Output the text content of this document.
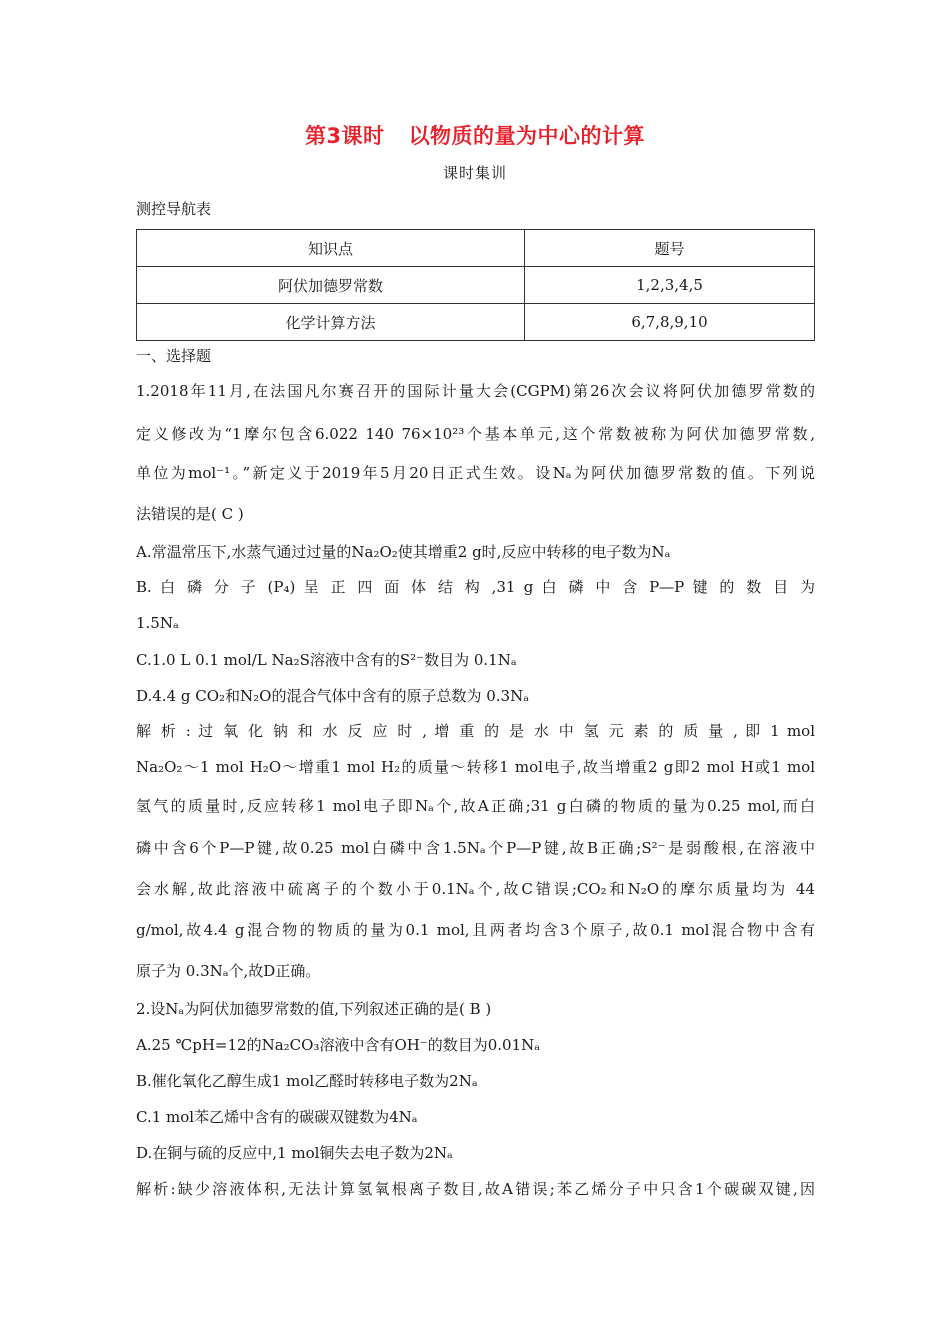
第3课时 以物质的量为中心的计算
课时集训
测控导航表
知识点	题号
阿伏加德罗常数	1,2,3,4,5
化学计算方法	6,7,8,9,10
一、选择题
1.2018年11月,在法国凡尔赛召开的国际计量大会(CGPM)第26次会议将阿伏加德罗常数的
定义修改为“1摩尔包含6.022 140 76×10²³个基本单元,这个常数被称为阿伏加德罗常数,
单位为mol⁻¹。”新定义于2019年5月20日正式生效。设Nₐ为阿伏加德罗常数的值。下列说
法错误的是( C )
A.常温常压下,水蒸气通过过量的Na₂O₂使其增重2 g时,反应中转移的电子数为Nₐ
B. 白 磷 分 子 (P₄) 呈 正 四 面 体 结 构 ,31 g 白 磷 中 含 P—P 键 的 数 目 为
1.5Nₐ
C.1.0 L 0.1 mol/L Na₂S溶液中含有的S²⁻数目为 0.1Nₐ
D.4.4 g CO₂和N₂O的混合气体中含有的原子总数为 0.3Nₐ
解 析 : 过 氧 化 钠 和 水 反 应 时 , 增 重 的 是 水 中 氢 元 素 的 质 量 , 即 1 mol
Na₂O₂～1 mol H₂O～增重1 mol H₂的质量～转移1 mol电子,故当增重2 g即2 mol H或1 mol
氢气的质量时,反应转移1 mol电子即Nₐ个,故A正确;31 g白磷的物质的量为0.25 mol,而白
磷中含6个P—P键,故0.25 mol白磷中含1.5Nₐ个P—P键,故B正确;S²⁻是弱酸根,在溶液中
会水解,故此溶液中硫离子的个数小于0.1Nₐ个,故C错误;CO₂和N₂O的摩尔质量均为 44
g/mol,故4.4 g混合物的物质的量为0.1 mol,且两者均含3个原子,故0.1 mol混合物中含有
原子为 0.3Nₐ个,故D正确。
2.设Nₐ为阿伏加德罗常数的值,下列叙述正确的是( B )
A.25 ℃pH=12的Na₂CO₃溶液中含有OH⁻的数目为0.01Nₐ
B.催化氧化乙醇生成1 mol乙醛时转移电子数为2Nₐ
C.1 mol苯乙烯中含有的碳碳双键数为4Nₐ
D.在铜与硫的反应中,1 mol铜失去电子数为2Nₐ
解析:缺少溶液体积,无法计算氢氧根离子数目,故A错误;苯乙烯分子中只含1个碳碳双键,因
